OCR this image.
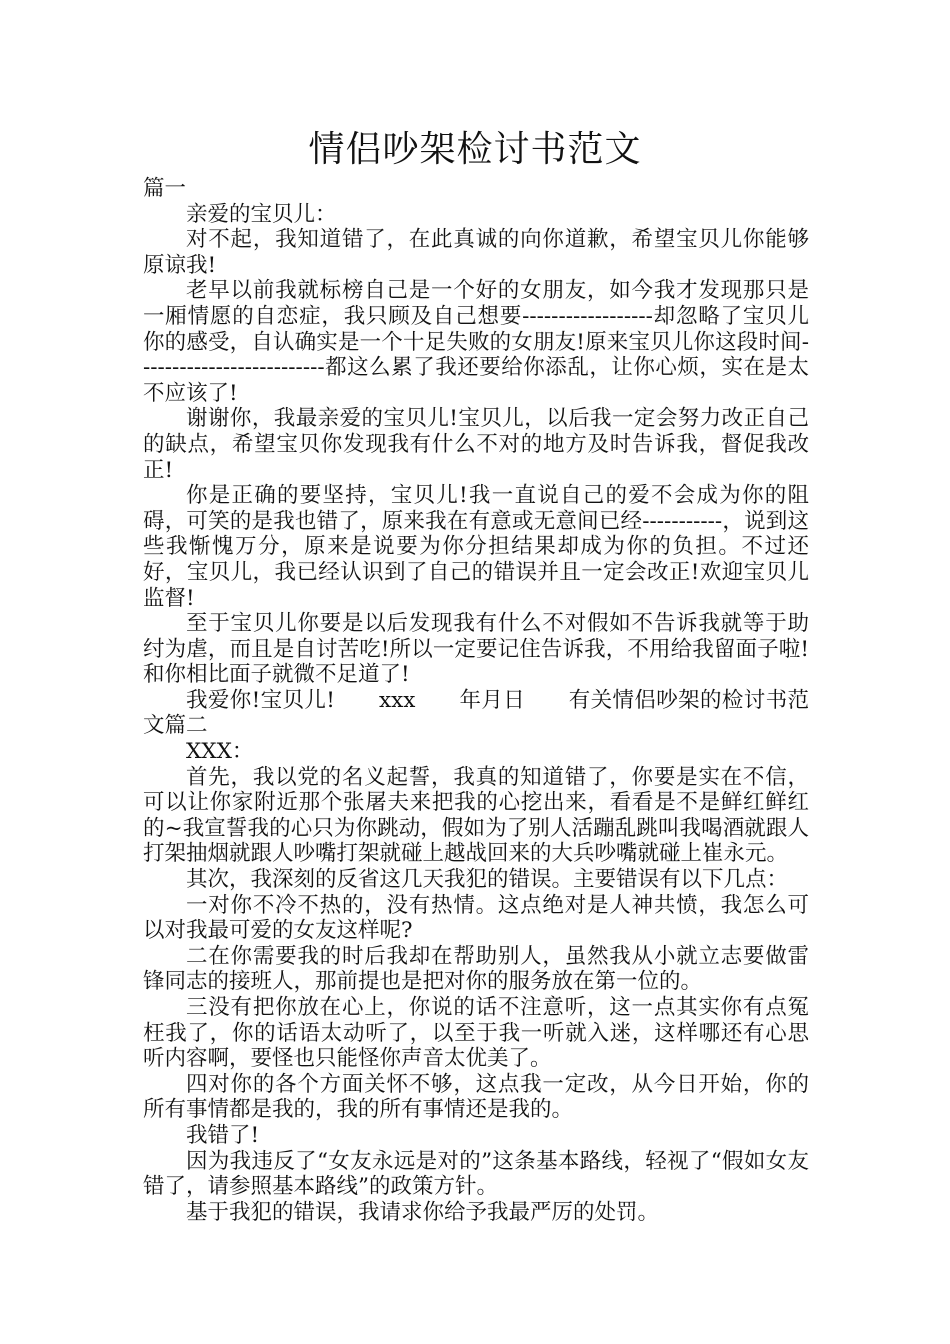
情侣吵架检讨书范文

篇一

亲爱的宝贝儿：

对不起，我知道错了，在此真诚的向你道歉，希望宝贝儿你能够原谅我!

老早以前我就标榜自己是一个好的女朋友，如今我才发现那只是一厢情愿的自恋症，我只顾及自己想要------------------却忽略了宝贝儿你的感受，自认确实是一个十足失败的女朋友!原来宝贝儿你这段时间--------------------------都这么累了我还要给你添乱，让你心烦，实在是太不应该了!

谢谢你，我最亲爱的宝贝儿!宝贝儿，以后我一定会努力改正自己的缺点，希望宝贝你发现我有什么不对的地方及时告诉我，督促我改正!

你是正确的要坚持，宝贝儿!我一直说自己的爱不会成为你的阻碍，可笑的是我也错了，原来我在有意或无意间已经-----------，说到这些我惭愧万分，原来是说要为你分担结果却成为你的负担。不过还好，宝贝儿，我已经认识到了自己的错误并且一定会改正!欢迎宝贝儿监督!

至于宝贝儿你要是以后发现我有什么不对假如不告诉我就等于助纣为虐，而且是自讨苦吃!所以一定要记住告诉我，不用给我留面子啦!和你相比面子就微不足道了!

我爱你!宝贝儿!　　xxx　　年月日　　有关情侣吵架的检讨书范文篇二

XXX：

首先，我以党的名义起誓，我真的知道错了，你要是实在不信，可以让你家附近那个张屠夫来把我的心挖出来，看看是不是鲜红鲜红的~我宣誓我的心只为你跳动，假如为了别人活蹦乱跳叫我喝酒就跟人打架抽烟就跟人吵嘴打架就碰上越战回来的大兵吵嘴就碰上崔永元。

其次，我深刻的反省这几天我犯的错误。主要错误有以下几点：

一对你不冷不热的，没有热情。这点绝对是人神共愤，我怎么可以对我最可爱的女友这样呢?

二在你需要我的时后我却在帮助别人，虽然我从小就立志要做雷锋同志的接班人，那前提也是把对你的服务放在第一位的。

三没有把你放在心上，你说的话不注意听，这一点其实你有点冤枉我了，你的话语太动听了，以至于我一听就入迷，这样哪还有心思听内容啊，要怪也只能怪你声音太优美了。

四对你的各个方面关怀不够，这点我一定改，从今日开始，你的所有事情都是我的，我的所有事情还是我的。

我错了!

因为我违反了“女友永远是对的”这条基本路线，轻视了“假如女友错了，请参照基本路线”的政策方针。

基于我犯的错误，我请求你给予我最严厉的处罚。
